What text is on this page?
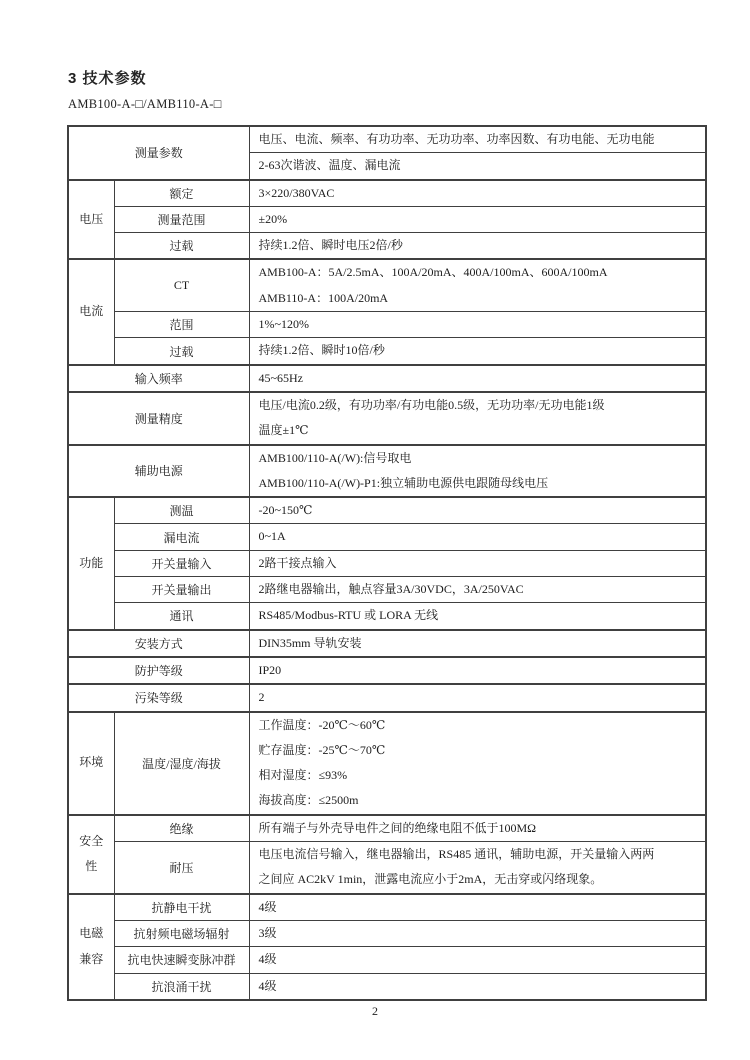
3 技术参数
AMB100-A-□/AMB110-A-□
测量参数		电压、电流、频率、有功功率、无功功率、功率因数、有功电能、无功电能

		2-63次谐波、温度、漏电流

电压	额定	3×220/380VAC

	测量范围	±20%

	过载	持续1.2倍、瞬时电压2倍/秒

电流	CT	AMB100-A：5A/2.5mA、100A/20mA、400A/100mA、600A/100mA
AMB110-A：100A/20mA

	范围	1%~120%

	过载	持续1.2倍、瞬时10倍/秒

输入频率		45~65Hz

测量精度		电压/电流0.2级，有功功率/有功电能0.5级，无功功率/无功电能1级
温度±1℃

辅助电源		AMB100/110-A(/W):信号取电
AMB100/110-A(/W)-P1:独立辅助电源供电跟随母线电压

功能	测温	-20~150℃

	漏电流	0~1A

	开关量输入	2路干接点输入

	开关量输出	2路继电器输出，触点容量3A/30VDC，3A/250VAC

	通讯	RS485/Modbus-RTU 或 LORA 无线

安装方式		DIN35mm 导轨安装

防护等级		IP20

污染等级		2

环境	温度/湿度/海拔	工作温度：-20℃～60℃
贮存温度：-25℃～70℃
相对湿度：≤93%
海拔高度：≤2500m

安全性	绝缘	所有端子与外壳导电件之间的绝缘电阻不低于100MΩ

	耐压	电压电流信号输入，继电器输出，RS485 通讯，辅助电源，开关量输入两两
之间应 AC2kV 1min，泄露电流应小于2mA，无击穿或闪络现象。

电磁兼容	抗静电干扰	4级

	抗射频电磁场辐射	3级

	抗电快速瞬变脉冲群	4级

	抗浪涌干扰	4级
2
